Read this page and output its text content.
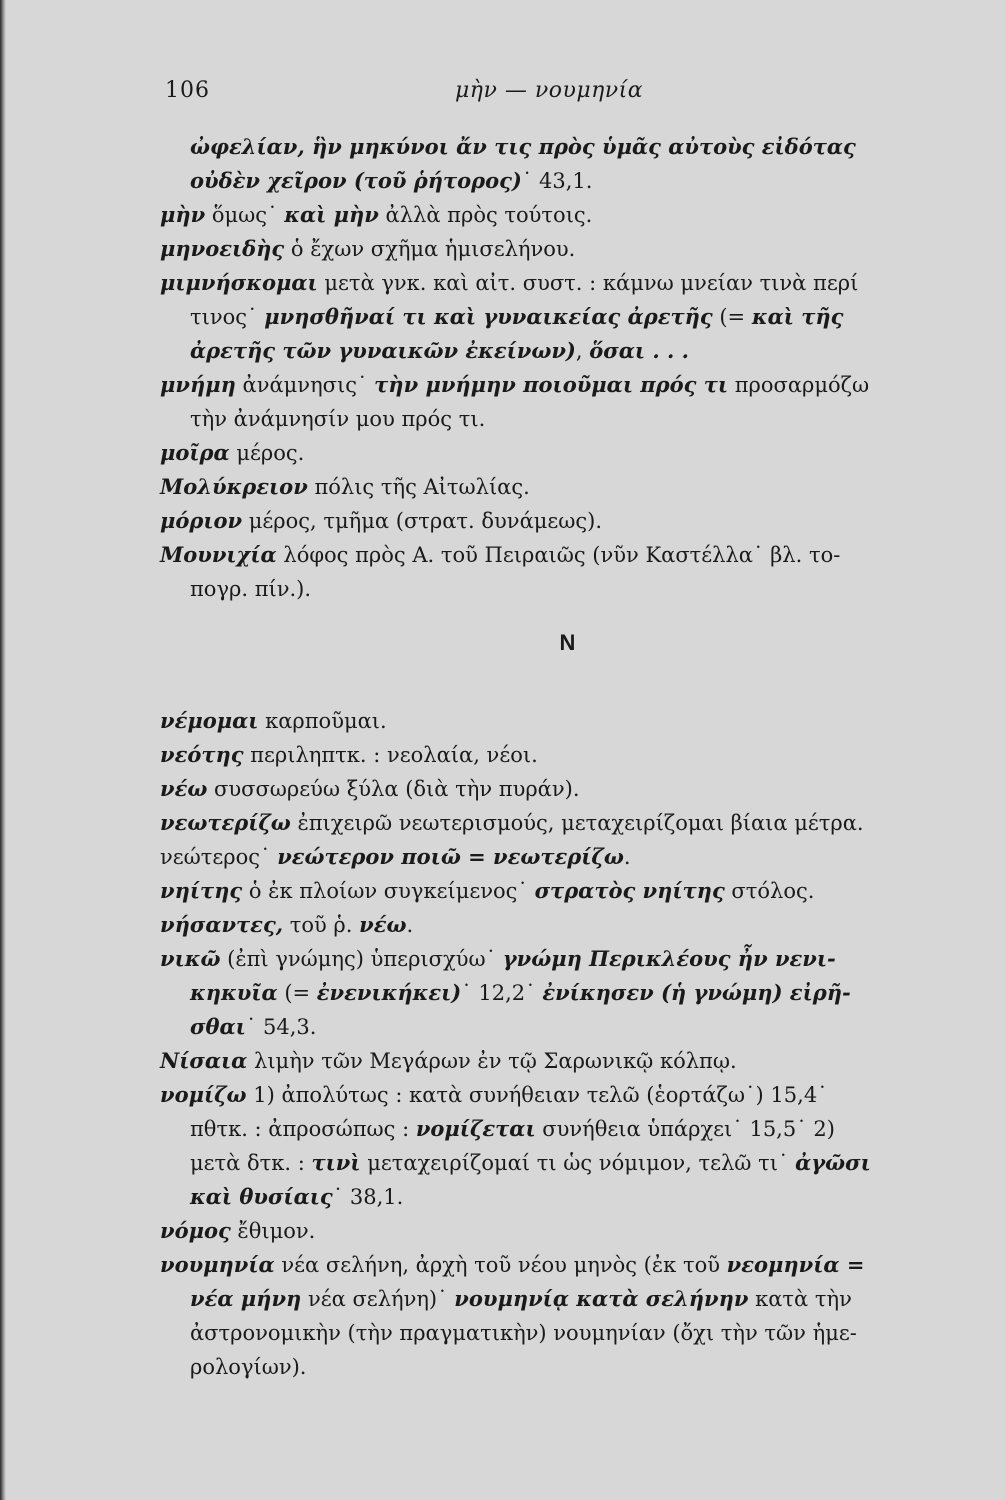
106	μὴν — νουμηνία
ὠφελίαν, ἣν μηκύνοι ἄν τις πρὸς ὑμᾶς αὐτοὺς εἰδότας
οὐδὲν χεῖρον (τοῦ ῥήτορος)˙ 43,1.
μὴν ὅμως˙ καὶ μὴν ἀλλὰ πρὸς τούτοις.
μηνοειδὴς ὁ ἔχων σχῆμα ἡμισελήνου.
μιμνήσκομαι μετὰ γνκ. καὶ αἰτ. συστ. : κάμνω μνείαν τινὰ περί
τινος˙ μνησθῆναί τι καὶ γυναικείας ἀρετῆς (= καὶ τῆς
ἀρετῆς τῶν γυναικῶν ἐκείνων), ὅσαι . . .
μνήμη ἀνάμνησις˙ τὴν μνήμην ποιοῦμαι πρός τι προσαρμόζω
τὴν ἀνάμνησίν μου πρός τι.
μοῖρα μέρος.
Μολύκρειον πόλις τῆς Αἰτωλίας.
μόριον μέρος, τμῆμα (στρατ. δυνάμεως).
Μουνιχία λόφος πρὸς Α. τοῦ Πειραιῶς (νῦν Καστέλλα˙ βλ. το-
πογρ. πίν.).
Ν
νέμομαι καρποῦμαι.
νεότης περιληπτκ. : νεολαία, νέοι.
νέω συσσωρεύω ξύλα (διὰ τὴν πυράν).
νεωτερίζω ἐπιχειρῶ νεωτερισμούς, μεταχειρίζομαι βίαια μέτρα.
νεώτερος˙ νεώτερον ποιῶ = νεωτερίζω.
νηίτης ὁ ἐκ πλοίων συγκείμενος˙ στρατὸς νηίτης στόλος.
νήσαντες, τοῦ ῥ. νέω.
νικῶ (ἐπὶ γνώμης) ὑπερισχύω˙ γνώμη Περικλέους ἦν νενι-
κηκυῖα (= ἐνενικήκει)˙ 12,2˙ ἐνίκησεν (ἡ γνώμη) εἰρῆ-
σθαι˙ 54,3.
Νίσαια λιμὴν τῶν Μεγάρων ἐν τῷ Σαρωνικῷ κόλπῳ.
νομίζω 1) ἀπολύτως : κατὰ συνήθειαν τελῶ (ἑορτάζω˙) 15,4˙
πθτκ. : ἀπροσώπως : νομίζεται συνήθεια ὑπάρχει˙ 15,5˙ 2)
μετὰ δτκ. : τινὶ μεταχειρίζομαί τι ὡς νόμιμον, τελῶ τι˙ ἀγῶσι
καὶ θυσίαις˙ 38,1.
νόμος ἔθιμον.
νουμηνία νέα σελήνη, ἀρχὴ τοῦ νέου μηνὸς (ἐκ τοῦ νεομηνία =
νέα μήνη νέα σελήνη)˙ νουμηνίᾳ κατὰ σελήνην κατὰ τὴν
ἀστρονομικὴν (τὴν πραγματικὴν) νουμηνίαν (ὄχι τὴν τῶν ἡμε-
ρολογίων).
